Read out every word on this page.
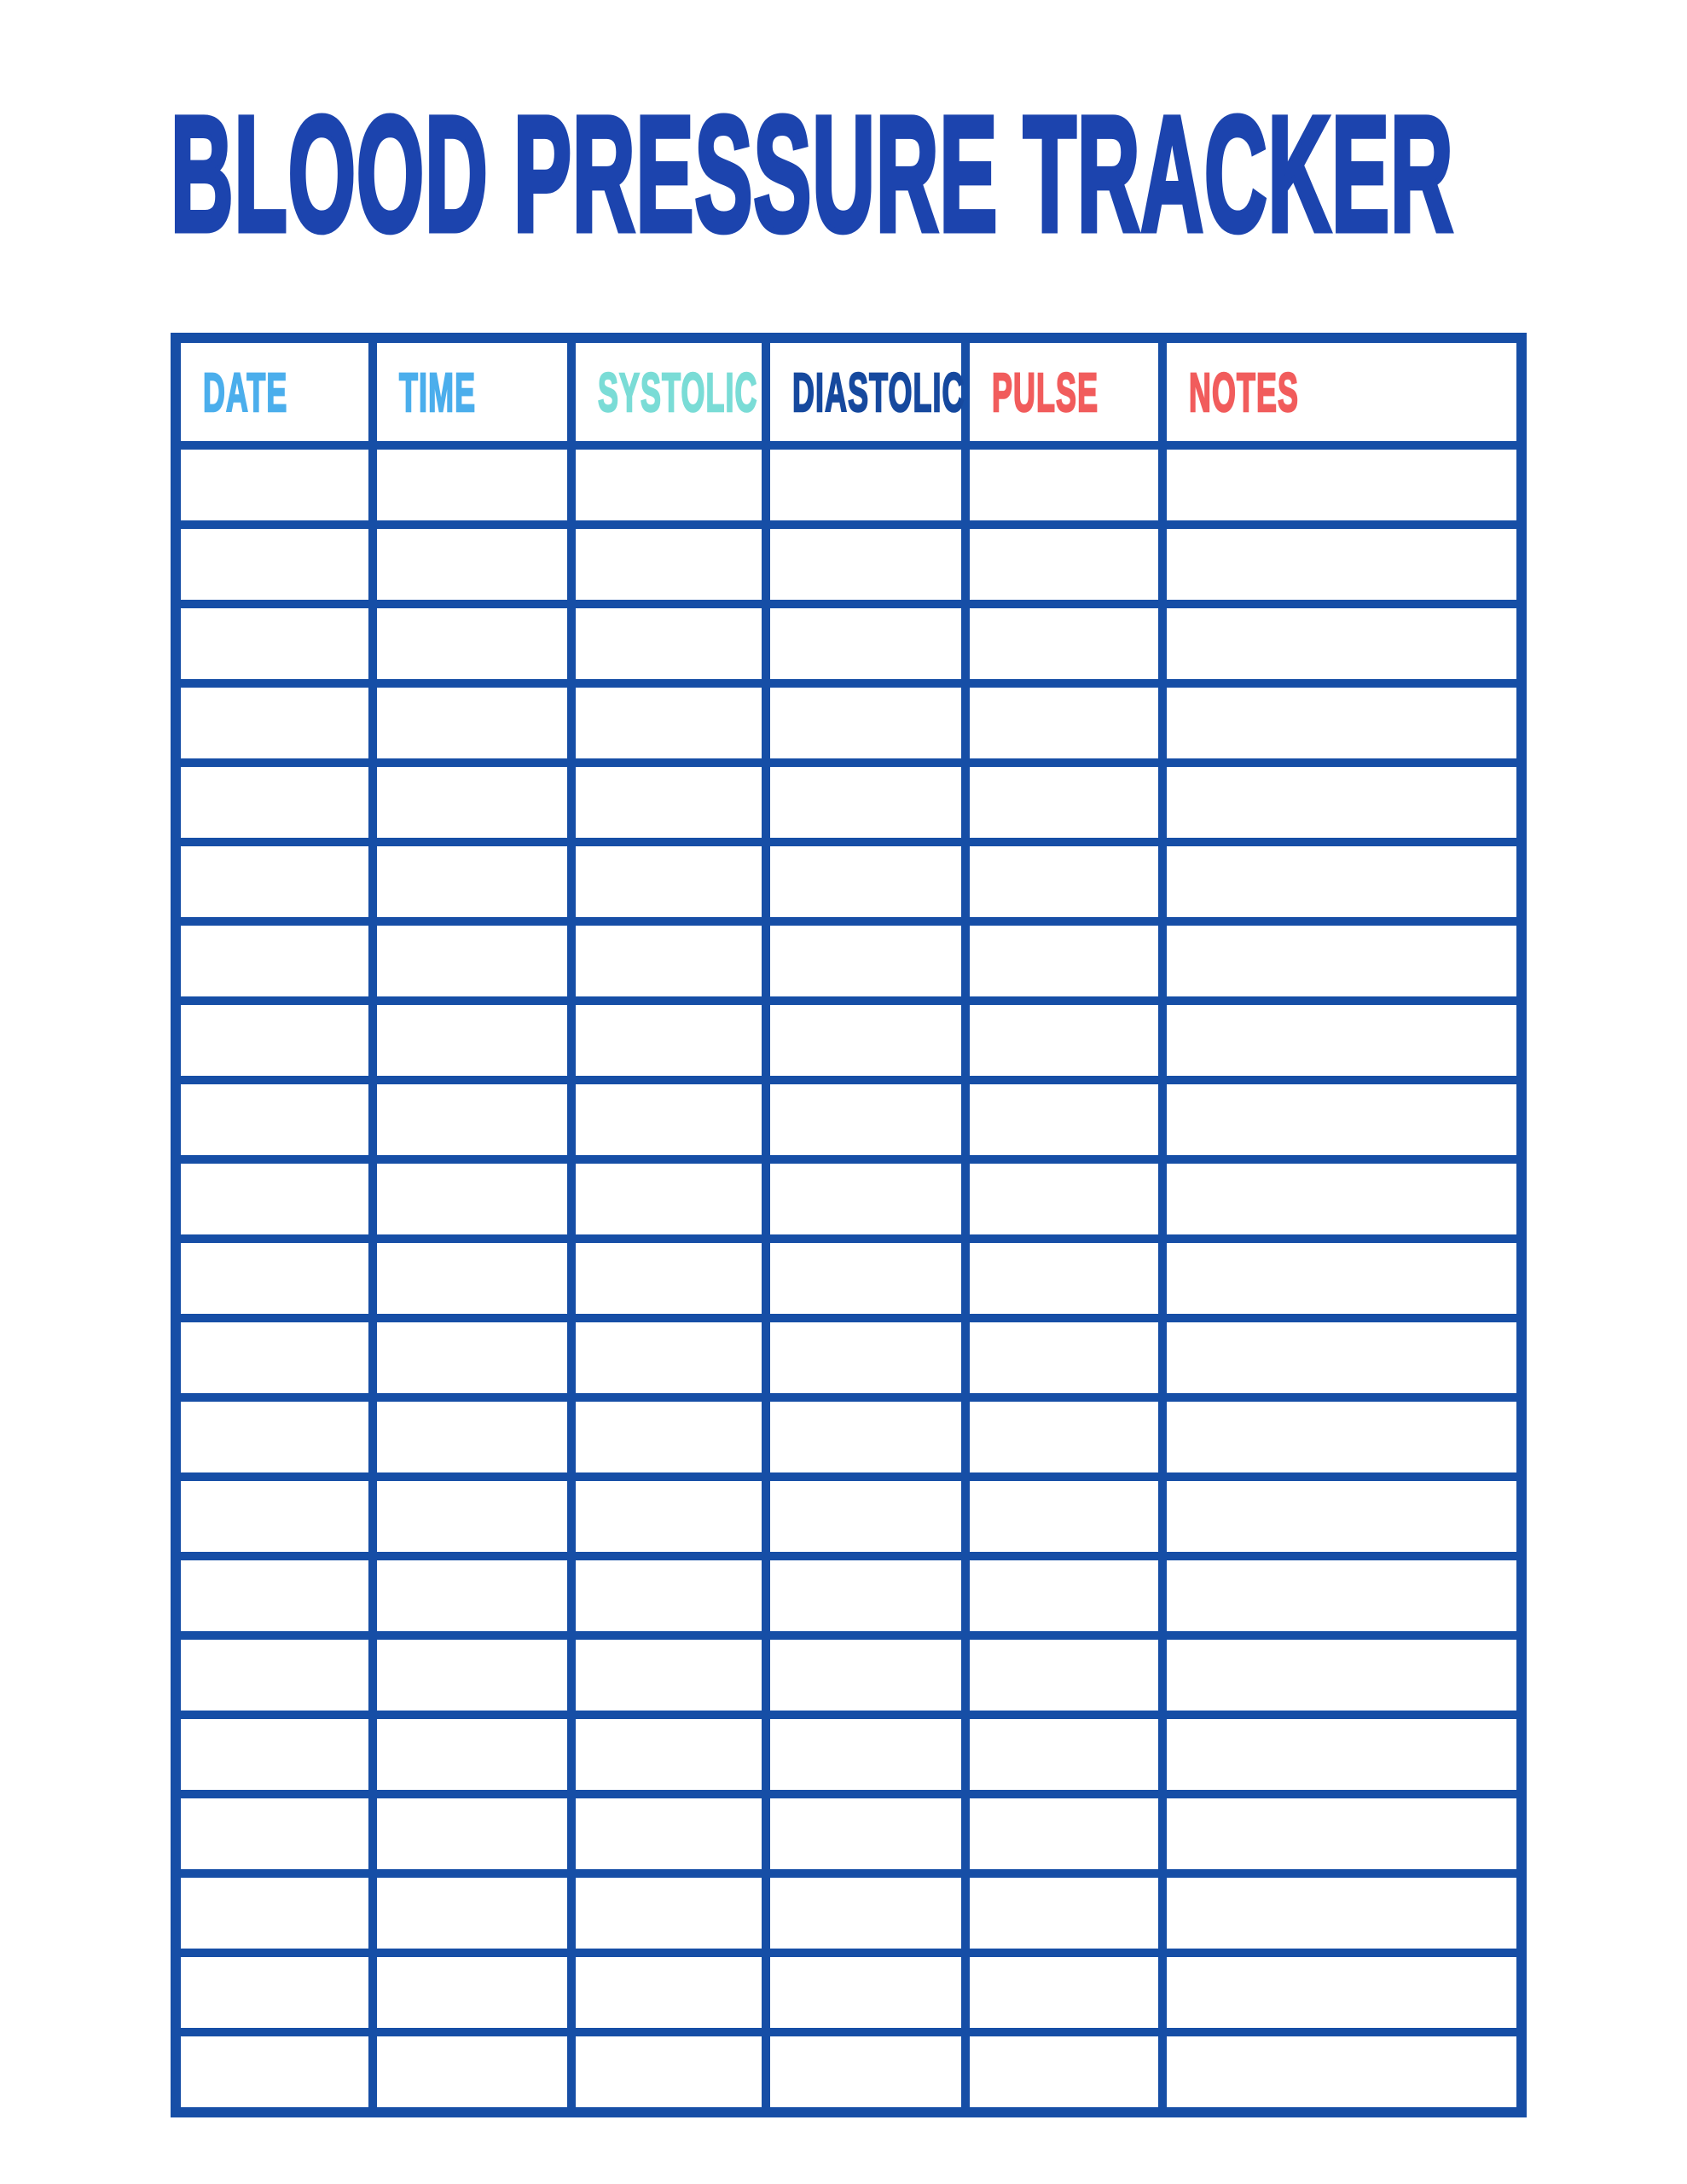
BLOOD PRESSURE TRACKER
DATE	TIME	SYSTOLIC	DIASTOLIC	PULSE	NOTES
